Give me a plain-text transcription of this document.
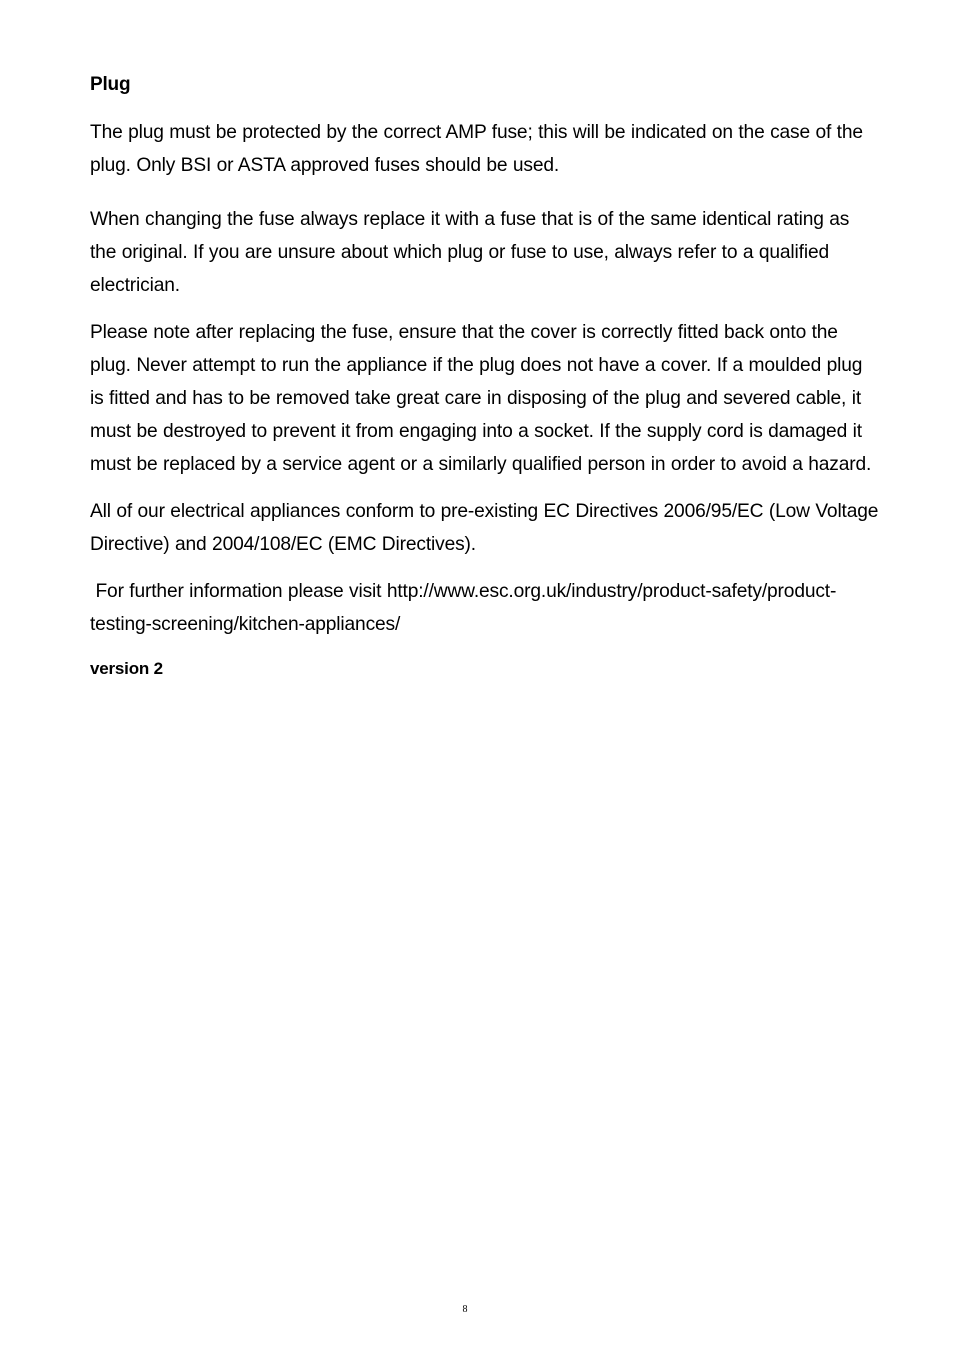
Plug

The plug must be protected by the correct AMP fuse; this will be indicated on the case of the plug. Only BSI or ASTA approved fuses should be used.

When changing the fuse always replace it with a fuse that is of the same identical rating as the original. If you are unsure about which plug or fuse to use, always refer to a qualified electrician.

Please note after replacing the fuse, ensure that the cover is correctly fitted back onto the plug. Never attempt to run the appliance if the plug does not have a cover. If a moulded plug is fitted and has to be removed take great care in disposing of the plug and severed cable, it must be destroyed to prevent it from engaging into a socket. If the supply cord is damaged it must be replaced by a service agent or a similarly qualified person in order to avoid a hazard.

All of our electrical appliances conform to pre-existing EC Directives 2006/95/EC (Low Voltage Directive) and 2004/108/EC (EMC Directives).

For further information please visit http://www.esc.org.uk/industry/product-safety/product-testing-screening/kitchen-appliances/

version 2
8
